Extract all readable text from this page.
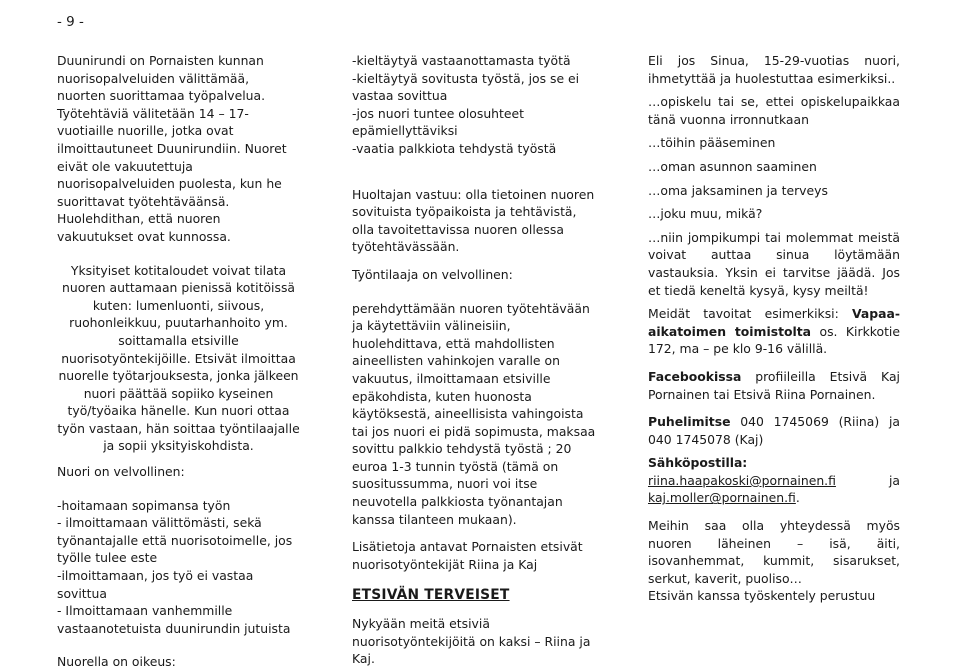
- 9 -

Duunirundi on Pornaisten kunnan nuorisopalveluiden välittämää, nuorten suorittamaa työpalvelua. Työtehtäviä välitetään 14 – 17- vuotiaille nuorille, jotka ovat ilmoittautuneet Duunirundiin. Nuoret eivät ole vakuutettuja nuorisopalveluiden puolesta, kun he suorittavat työtehtäväänsä. Huolehdithan, että nuoren vakuutukset ovat kunnossa.

Yksityiset kotitaloudet voivat tilata nuoren auttamaan pienissä kotitöissä kuten: lumenluonti, siivous, ruohonleikkuu, puutarhanhoito ym. soittamalla etsiville nuorisotyöntekijöille. Etsivät ilmoittaa nuorelle työtarjouksesta, jonka jälkeen nuori päättää sopiiko kyseinen työ/työaika hänelle. Kun nuori ottaa työn vastaan, hän soittaa työntilaajalle ja sopii yksityiskohdista.

Nuori on velvollinen:

-hoitamaan sopimansa työn

- ilmoittamaan välittömästi, sekä työnantajalle että nuorisotoimelle, jos työlle tulee este

-ilmoittamaan, jos työ ei vastaa sovittua

- Ilmoittamaan vanhemmille vastaanotetuista duunirundin jutuista

Nuorella on oikeus:

-kieltäytyä vastaanottamasta työtä

-kieltäytyä sovitusta työstä, jos se ei vastaa sovittua

-jos nuori tuntee olosuhteet epämiellyttäviksi

-vaatia palkkiota tehdystä työstä

Huoltajan vastuu: olla tietoinen nuoren sovituista työpaikoista ja tehtävistä, olla tavoitettavissa nuoren ollessa työtehtävässään.

Työntilaaja on velvollinen:

perehdyttämään nuoren työtehtävään ja käytettäviin välineisiin, huolehdittava, että mahdollisten aineellisten vahinkojen varalle on vakuutus, ilmoittamaan etsiville epäkohdista, kuten huonosta käytöksestä, aineellisista vahingoista tai jos nuori ei pidä sopimusta, maksaa sovittu palkkio tehdystä työstä ; 20 euroa 1-3 tunnin työstä (tämä on suositussumma, nuori voi itse neuvotella palkkiosta työnantajan kanssa tilanteen mukaan).

Lisätietoja antavat Pornaisten etsivät nuorisotyöntekijät Riina ja Kaj

ETSIVÄN TERVEISET

Nykyään meitä etsiviä nuorisotyöntekijöitä on kaksi – Riina ja Kaj.

Eli jos Sinua, 15-29-vuotias nuori, ihmetyttää ja huolestuttaa esimerkiksi..

…opiskelu tai se, ettei opiskelupaikkaa tänä vuonna irronnutkaan

…töihin pääseminen

…oman asunnon saaminen

…oma jaksaminen ja terveys

…joku muu, mikä?

…niin jompikumpi tai molemmat meistä voivat auttaa sinua löytämään vastauksia. Yksin ei tarvitse jäädä. Jos et tiedä keneltä kysyä, kysy meiltä!

Meidät tavoitat esimerkiksi: Vapaa-aikatoimen toimistolta os. Kirkkotie 172, ma – pe klo 9-16 välillä.

Facebookissa profiileilla Etsivä Kaj Pornainen tai Etsivä Riina Pornainen.

Puhelimitse 040 1745069 (Riina) ja 040 1745078 (Kaj)

Sähköpostilla:

riina.haapakoski@pornainen.fi	ja

kaj.moller@pornainen.fi.

Meihin saa olla yhteydessä myös nuoren läheinen – isä, äiti, isovanhemmat, kummit, sisarukset, serkut, kaverit, puoliso…

Etsivän kanssa työskentely perustuu
